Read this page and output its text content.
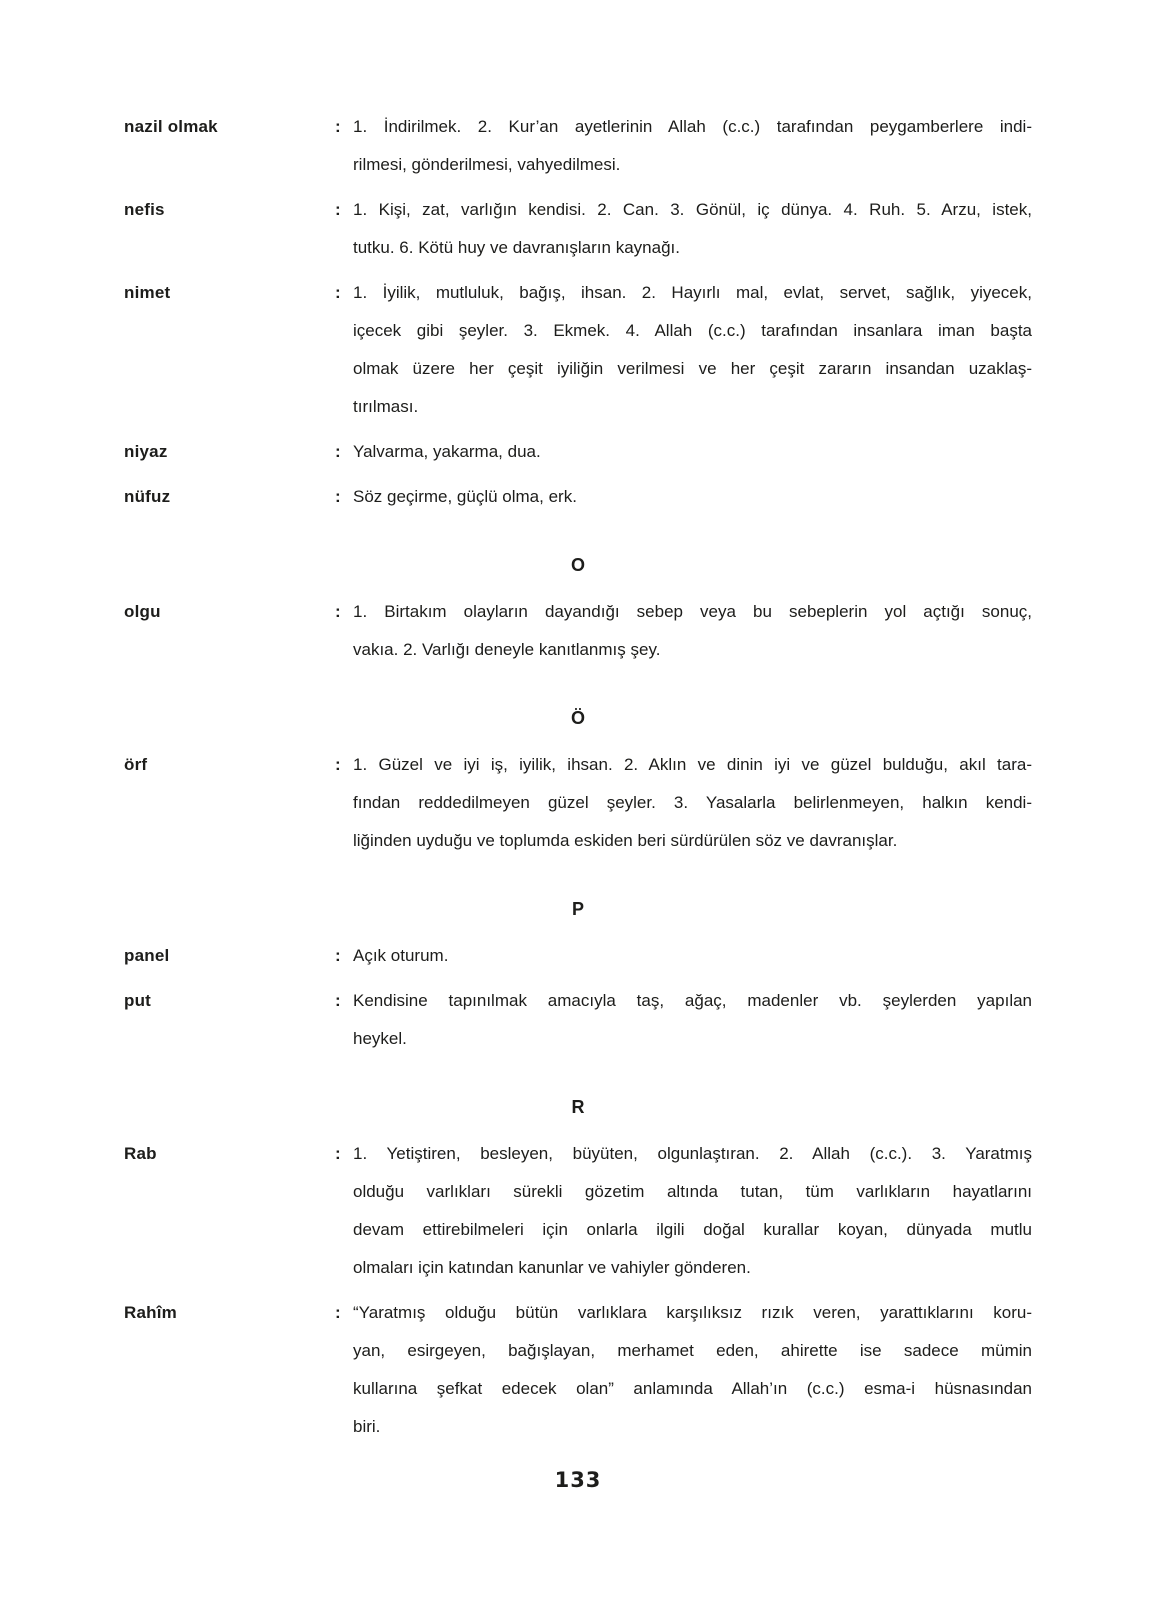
nazil olmak	: 1. İndirilmek. 2. Kur’an ayetlerinin Allah (c.c.) tarafından peygamberlere indi-
rilmesi, gönderilmesi, vahyedilmesi.
nefis	: 1. Kişi, zat, varlığın kendisi. 2. Can. 3. Gönül, iç dünya. 4. Ruh. 5. Arzu, istek,
tutku. 6. Kötü huy ve davranışların kaynağı.
nimet	: 1. İyilik, mutluluk, bağış, ihsan. 2. Hayırlı mal, evlat, servet, sağlık, yiyecek,
içecek gibi şeyler. 3. Ekmek. 4. Allah (c.c.) tarafından insanlara iman başta
olmak üzere her çeşit iyiliğin verilmesi ve her çeşit zararın insandan uzaklaş-
tırılması.
niyaz	: Yalvarma, yakarma, dua.
nüfuz	: Söz geçirme, güçlü olma, erk.
O
olgu	: 1. Birtakım olayların dayandığı sebep veya bu sebeplerin yol açtığı sonuç,
vakıa. 2. Varlığı deneyle kanıtlanmış şey.
Ö
örf	: 1. Güzel ve iyi iş, iyilik, ihsan. 2. Aklın ve dinin iyi ve güzel bulduğu, akıl tara-
fından reddedilmeyen güzel şeyler. 3. Yasalarla belirlenmeyen, halkın kendi-
liğinden uyduğu ve toplumda eskiden beri sürdürülen söz ve davranışlar.
P
panel	: Açık oturum.
put	: Kendisine tapınılmak amacıyla taş, ağaç, madenler vb. şeylerden yapılan
heykel.
R
Rab	: 1. Yetiştiren, besleyen, büyüten, olgunlaştıran. 2. Allah (c.c.). 3. Yaratmış
olduğu varlıkları sürekli gözetim altında tutan, tüm varlıkların hayatlarını
devam ettirebilmeleri için onlarla ilgili doğal kurallar koyan, dünyada mutlu
olmaları için katından kanunlar ve vahiyler gönderen.
Rahîm	: “Yaratmış olduğu bütün varlıklara karşılıksız rızık veren, yarattıklarını koru-
yan, esirgeyen, bağışlayan, merhamet eden, ahirette ise sadece mümin
kullarına şefkat edecek olan” anlamında Allah’ın (c.c.) esma-i hüsnasından
biri.
133
